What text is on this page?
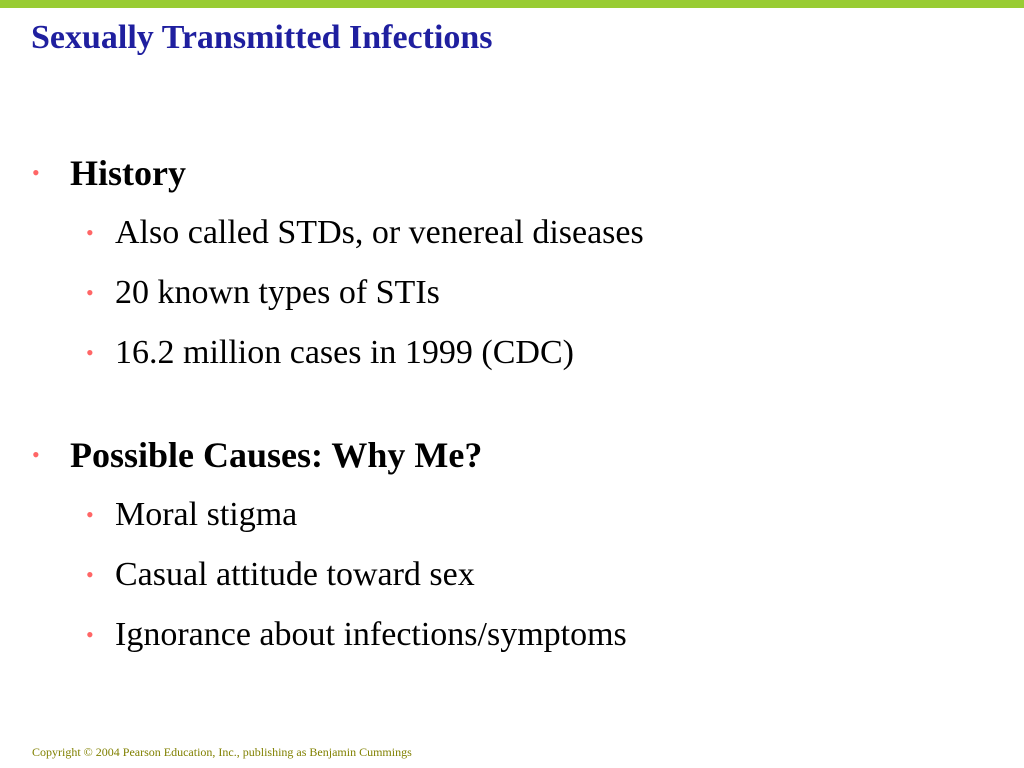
Sexually Transmitted Infections
• History
• Also called STDs, or venereal diseases
• 20 known types of STIs
• 16.2 million cases in 1999 (CDC)
• Possible Causes: Why Me?
• Moral stigma
• Casual attitude toward sex
• Ignorance about infections/symptoms
Copyright © 2004 Pearson Education, Inc., publishing as Benjamin Cummings
